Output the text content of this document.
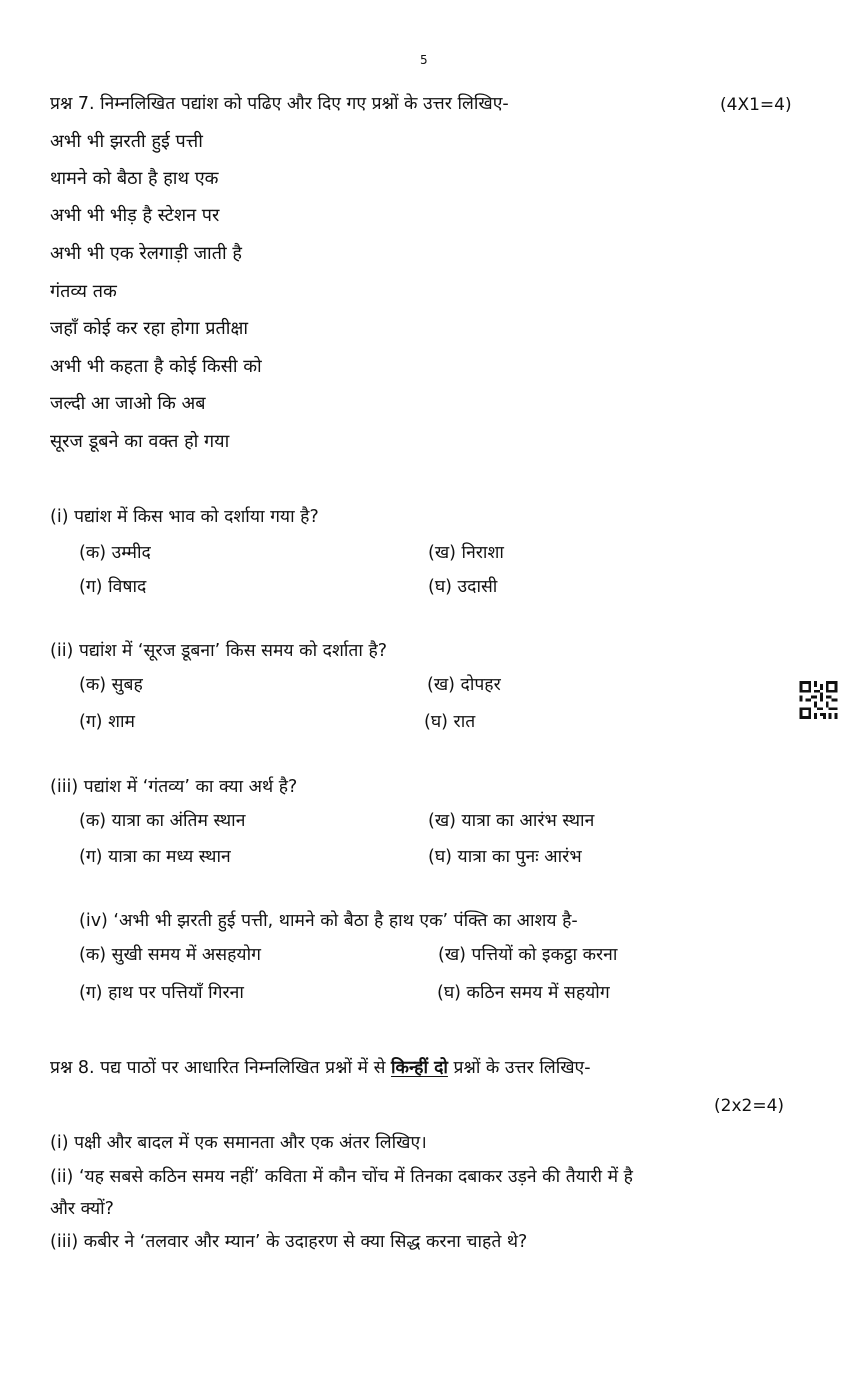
5
प्रश्न 7. निम्नलिखित पद्यांश को पढिए और दिए गए प्रश्नों के उत्तर लिखिए-	(4X1=4)
अभी भी झरती हुई पत्ती
थामने को बैठा है हाथ एक
अभी भी भीड़ है स्टेशन पर
अभी भी एक रेलगाड़ी जाती है
गंतव्य तक
जहाँ कोई कर रहा होगा प्रतीक्षा
अभी भी कहता है कोई किसी को
जल्दी आ जाओ कि अब
सूरज डूबने का वक्त हो गया
(i) पद्यांश में किस भाव को दर्शाया गया है?
(क) उम्मीद	(ख) निराशा
(ग) विषाद	(घ) उदासी
(ii) पद्यांश में ‘सूरज डूबना’ किस समय को दर्शाता है?
(क) सुबह	(ख) दोपहर
(ग) शाम	(घ) रात
(iii) पद्यांश में ‘गंतव्य’ का क्या अर्थ है?
(क) यात्रा का अंतिम स्थान	(ख) यात्रा का आरंभ स्थान
(ग) यात्रा का मध्य स्थान	(घ) यात्रा का पुनः आरंभ
(iv) ‘अभी भी झरती हुई पत्ती, थामने को बैठा है हाथ एक’ पंक्ति का आशय है-
(क) सुखी समय में असहयोग	(ख) पत्तियों को इकट्ठा करना
(ग) हाथ पर पत्तियाँ गिरना	(घ) कठिन समय में सहयोग
प्रश्न 8. पद्य पाठों पर आधारित निम्नलिखित प्रश्नों में से किन्हीं दो प्रश्नों के उत्तर लिखिए-
(2x2=4)
(i) पक्षी और बादल में एक समानता और एक अंतर लिखिए।
(ii) ‘यह सबसे कठिन समय नहीं’ कविता में कौन चोंच में तिनका दबाकर उड़ने की तैयारी में है
और क्यों?
(iii) कबीर ने ‘तलवार और म्यान’ के उदाहरण से क्या सिद्ध करना चाहते थे?
